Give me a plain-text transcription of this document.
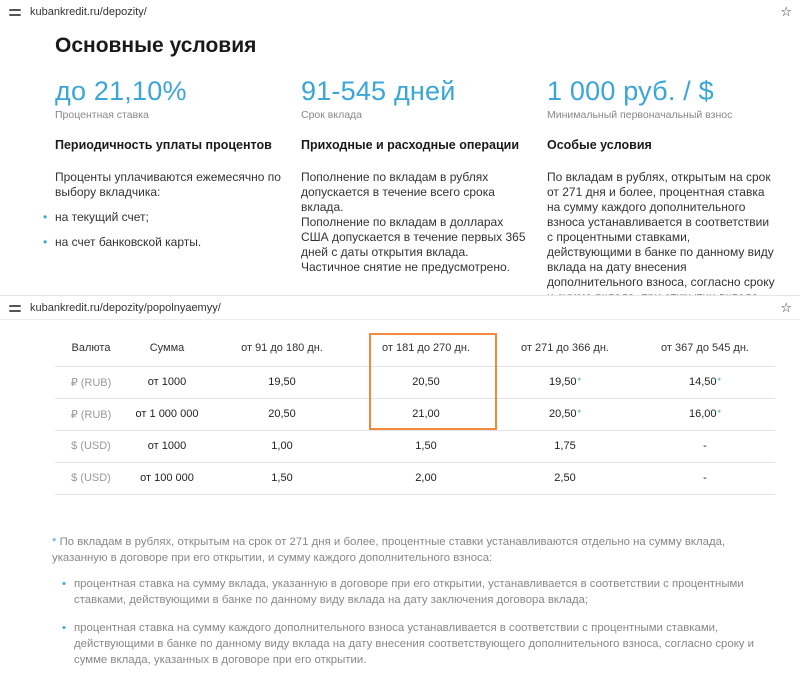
kubankredit.ru/depozity/	☆
Основные условия
до 21,10%
Процентная ставка
91-545 дней
Срок вклада
1 000 руб. / $
Минимальный первоначальный взнос
Периодичность уплаты процентов

Проценты уплачиваются ежемесячно по выбору вкладчика:

• на текущий счет;
• на счет банковской карты.
Приходные и расходные операции

Пополнение по вкладам в рублях допускается в течение всего срока вклада.

Пополнение по вкладам в долларах США допускается в течение первых 365 дней с даты открытия вклада.

Частичное снятие не предусмотрено.

Особые условия

По вкладам в рублях, открытым на срок от 271 дня и более, процентная ставка на сумму каждого дополнительного взноса устанавливается в соответствии с процентными ставками, действующими в банке по данному виду вклада на дату внесения дополнительного взноса, согласно сроку

kubankredit.ru/depozity/popolnyaemyy/	☆
Валюта	Сумма	от 91 до 180 дн.	от 181 до 270 дн.	от 271 до 366 дн.	от 367 до 545 дн.
₽ (RUB)	от 1000	19,50	20,50	19,50*	14,50*
₽ (RUB)	от 1 000 000	20,50	21,00	20,50*	16,00*
$ (USD)	от 1000	1,00	1,50	1,75	-
$ (USD)	от 100 000	1,50	2,00	2,50	-

* По вкладам в рублях, открытым на срок от 271 дня и более, процентные ставки устанавливаются отдельно на сумму вклада, указанную в договоре при его открытии, и сумму каждого дополнительного взноса:

• процентная ставка на сумму вклада, указанную в договоре при его открытии, устанавливается в соответствии с процентными ставками, действующими в банке по данному виду вклада на дату заключения договора вклада;
• процентная ставка на сумму каждого дополнительного взноса устанавливается в соответствии с процентными ставками, действующими в банке по данному виду вклада на дату внесения соответствующего дополнительного взноса, согласно сроку и сумме вклада, указанных в договоре при его открытии.
